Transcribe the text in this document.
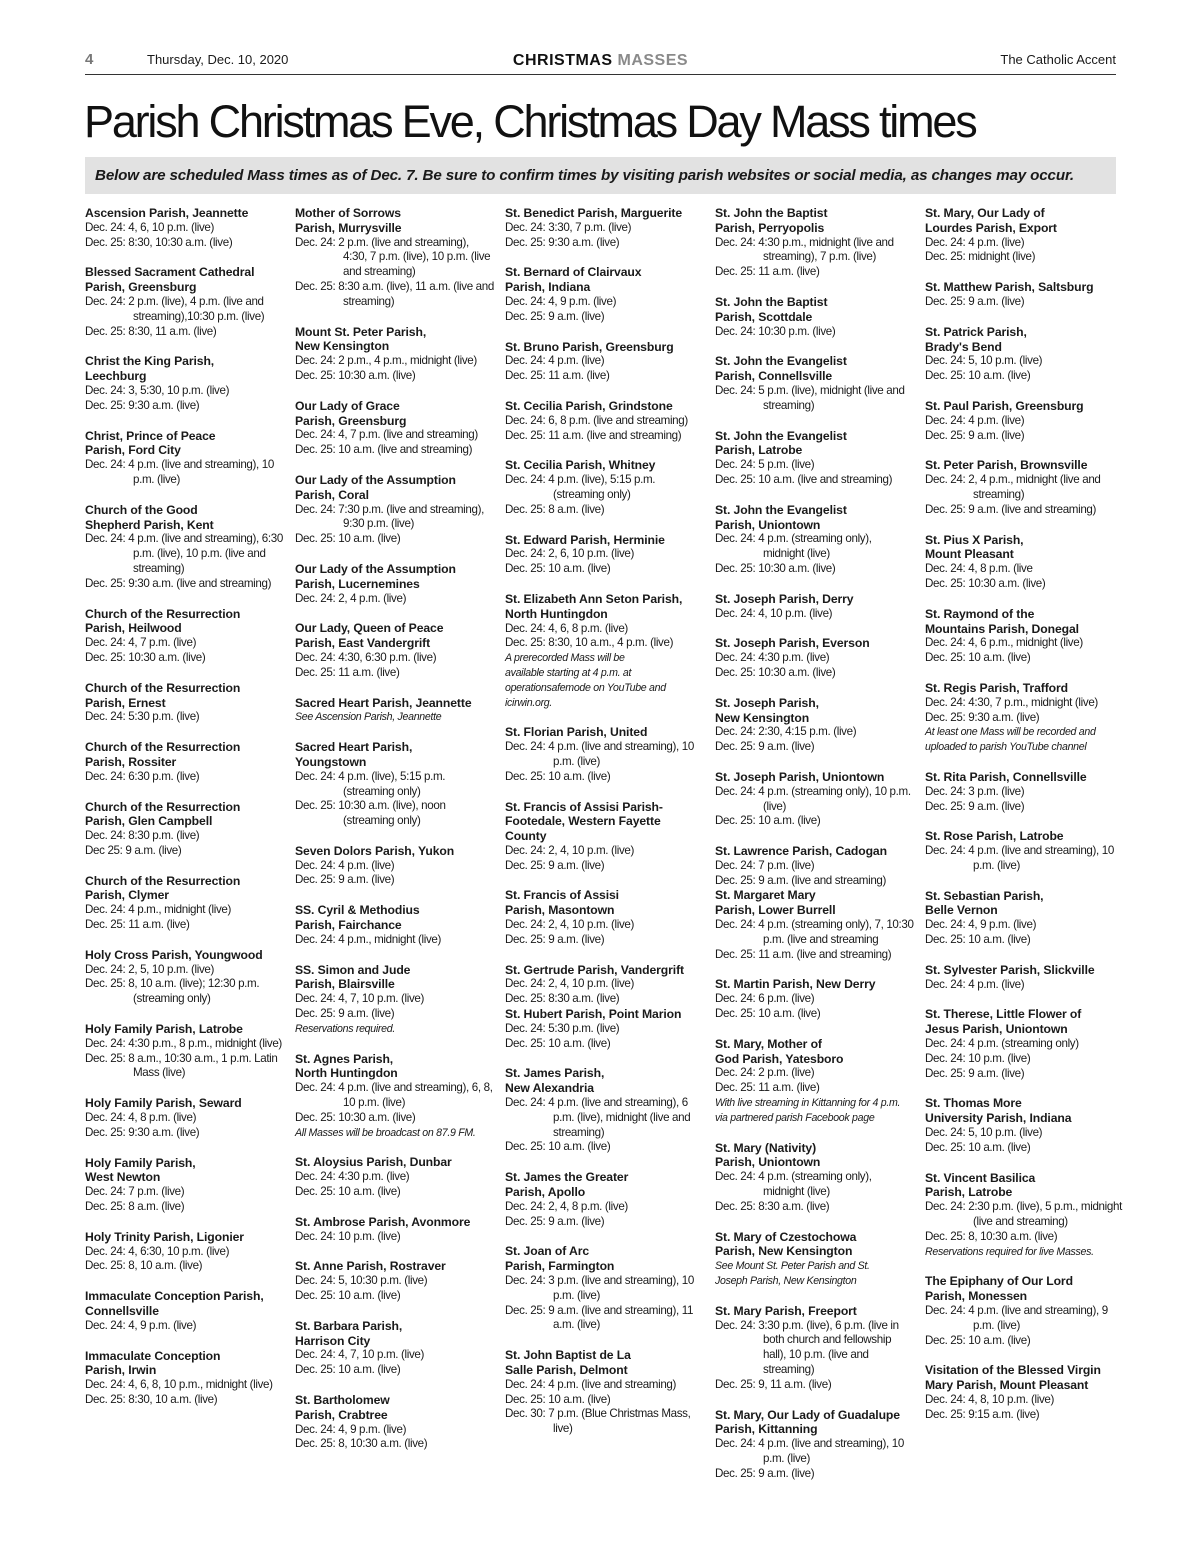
4	Thursday, Dec. 10, 2020	CHRISTMAS MASSES	The Catholic Accent
Parish Christmas Eve, Christmas Day Mass times
Below are scheduled Mass times as of Dec. 7. Be sure to confirm times by visiting parish websites or social media, as changes may occur.
Ascension Parish, Jeannette
Dec. 24: 4, 6, 10 p.m. (live)
Dec. 25: 8:30, 10:30 a.m. (live)
Blessed Sacrament Cathedral
Parish, Greensburg
Dec. 24: 2 p.m. (live), 4 p.m. (live and streaming),10:30 p.m. (live)
Dec. 25: 8:30, 11 a.m. (live)
Christ the King Parish,
Leechburg
Dec. 24: 3, 5:30, 10 p.m. (live)
Dec. 25: 9:30 a.m. (live)
Christ, Prince of Peace
Parish, Ford City
Dec. 24: 4 p.m. (live and streaming), 10 p.m. (live)
Church of the Good
Shepherd Parish, Kent
Dec. 24: 4 p.m. (live and streaming), 6:30 p.m. (live), 10 p.m. (live and streaming)
Dec. 25: 9:30 a.m. (live and streaming)
Church of the Resurrection
Parish, Heilwood
Dec. 24: 4, 7 p.m. (live)
Dec. 25: 10:30 a.m. (live)
Church of the Resurrection
Parish, Ernest
Dec. 24: 5:30 p.m. (live)
Church of the Resurrection
Parish, Rossiter
Dec. 24: 6:30 p.m. (live)
Church of the Resurrection
Parish, Glen Campbell
Dec. 24: 8:30 p.m. (live)
Dec 25: 9 a.m. (live)
Church of the Resurrection
Parish, Clymer
Dec. 24: 4 p.m., midnight (live)
Dec. 25: 11 a.m. (live)
Holy Cross Parish, Youngwood
Dec. 24: 2, 5, 10 p.m. (live)
Dec. 25: 8, 10 a.m. (live); 12:30 p.m. (streaming only)
Holy Family Parish, Latrobe
Dec. 24: 4:30 p.m., 8 p.m., midnight (live)
Dec. 25: 8 a.m., 10:30 a.m., 1 p.m. Latin Mass (live)
Holy Family Parish, Seward
Dec. 24: 4, 8 p.m. (live)
Dec. 25: 9:30 a.m. (live)
Holy Family Parish,
West Newton
Dec. 24: 7 p.m. (live)
Dec. 25: 8 a.m. (live)
Holy Trinity Parish, Ligonier
Dec. 24: 4, 6:30, 10 p.m. (live)
Dec. 25: 8, 10 a.m. (live)
Immaculate Conception Parish,
Connellsville
Dec. 24: 4, 9 p.m. (live)
Immaculate Conception
Parish, Irwin
Dec. 24: 4, 6, 8, 10 p.m., midnight (live)
Dec. 25: 8:30, 10 a.m. (live)
Mother of Sorrows
Parish, Murrysville
Dec. 24: 2 p.m. (live and streaming), 4:30, 7 p.m. (live), 10 p.m. (live and streaming)
Dec. 25: 8:30 a.m. (live), 11 a.m. (live and streaming)
Mount St. Peter Parish,
New Kensington
Dec. 24: 2 p.m., 4 p.m., midnight (live)
Dec. 25: 10:30 a.m. (live)
Our Lady of Grace
Parish, Greensburg
Dec. 24: 4, 7 p.m. (live and streaming)
Dec. 25: 10 a.m. (live and streaming)
Our Lady of the Assumption
Parish, Coral
Dec. 24: 7:30 p.m. (live and streaming), 9:30 p.m. (live)
Dec. 25: 10 a.m. (live)
Our Lady of the Assumption
Parish, Lucernemines
Dec. 24: 2, 4 p.m. (live)
Our Lady, Queen of Peace
Parish, East Vandergrift
Dec. 24: 4:30, 6:30 p.m. (live)
Dec. 25: 11 a.m. (live)
Sacred Heart Parish, Jeannette
See Ascension Parish, Jeannette
Sacred Heart Parish,
Youngstown
Dec. 24: 4 p.m. (live), 5:15 p.m. (streaming only)
Dec. 25: 10:30 a.m. (live), noon (streaming only)
Seven Dolors Parish, Yukon
Dec. 24: 4 p.m. (live)
Dec. 25: 9 a.m. (live)
SS. Cyril & Methodius
Parish, Fairchance
Dec. 24: 4 p.m., midnight (live)
SS. Simon and Jude
Parish, Blairsville
Dec. 24: 4, 7, 10 p.m. (live)
Dec. 25: 9 a.m. (live)
Reservations required.
St. Agnes Parish,
North Huntingdon
Dec. 24: 4 p.m. (live and streaming), 6, 8, 10 p.m. (live)
Dec. 25: 10:30 a.m. (live)
All Masses will be broadcast on 87.9 FM.
St. Aloysius Parish, Dunbar
Dec. 24: 4:30 p.m. (live)
Dec. 25: 10 a.m. (live)
St. Ambrose Parish, Avonmore
Dec. 24: 10 p.m. (live)
St. Anne Parish, Rostraver
Dec. 24: 5, 10:30 p.m. (live)
Dec. 25: 10 a.m. (live)
St. Barbara Parish,
Harrison City
Dec. 24: 4, 7, 10 p.m. (live)
Dec. 25: 10 a.m. (live)
St. Bartholomew
Parish, Crabtree
Dec. 24: 4, 9 p.m. (live)
Dec. 25: 8, 10:30 a.m. (live)
St. Benedict Parish, Marguerite
Dec. 24: 3:30, 7 p.m. (live)
Dec. 25: 9:30 a.m. (live)
St. Bernard of Clairvaux
Parish, Indiana
Dec. 24: 4, 9 p.m. (live)
Dec. 25: 9 a.m. (live)
St. Bruno Parish, Greensburg
Dec. 24: 4 p.m. (live)
Dec. 25: 11 a.m. (live)
St. Cecilia Parish, Grindstone
Dec. 24: 6, 8 p.m. (live and streaming)
Dec. 25: 11 a.m. (live and streaming)
St. Cecilia Parish, Whitney
Dec. 24: 4 p.m. (live), 5:15 p.m. (streaming only)
Dec. 25: 8 a.m. (live)
St. Edward Parish, Herminie
Dec. 24: 2, 6, 10 p.m. (live)
Dec. 25: 10 a.m. (live)
St. Elizabeth Ann Seton Parish,
North Huntingdon
Dec. 24: 4, 6, 8 p.m. (live)
Dec. 25: 8:30, 10 a.m., 4 p.m. (live)
A prerecorded Mass will be
available starting at 4 p.m. at
operationsafemode on YouTube and
icirwin.org.
St. Florian Parish, United
Dec. 24: 4 p.m. (live and streaming), 10 p.m. (live)
Dec. 25: 10 a.m. (live)
St. Francis of Assisi Parish-
Footedale, Western Fayette
County
Dec. 24: 2, 4, 10 p.m. (live)
Dec. 25: 9 a.m. (live)
St. Francis of Assisi
Parish, Masontown
Dec. 24: 2, 4, 10 p.m. (live)
Dec. 25: 9 a.m. (live)
St. Gertrude Parish, Vandergrift
Dec. 24: 2, 4, 10 p.m. (live)
Dec. 25: 8:30 a.m. (live)
St. Hubert Parish, Point Marion
Dec. 24: 5:30 p.m. (live)
Dec. 25: 10 a.m. (live)
St. James Parish,
New Alexandria
Dec. 24: 4 p.m. (live and streaming), 6 p.m. (live), midnight (live and streaming)
Dec. 25: 10 a.m. (live)
St. James the Greater
Parish, Apollo
Dec. 24: 2, 4, 8 p.m. (live)
Dec. 25: 9 a.m. (live)
St. Joan of Arc
Parish, Farmington
Dec. 24: 3 p.m. (live and streaming), 10 p.m. (live)
Dec. 25: 9 a.m. (live and streaming), 11 a.m. (live)
St. John Baptist de La
Salle Parish, Delmont
Dec. 24: 4 p.m. (live and streaming)
Dec. 25: 10 a.m. (live)
Dec. 30: 7 p.m. (Blue Christmas Mass, live)
St. John the Baptist
Parish, Perryopolis
Dec. 24: 4:30 p.m., midnight (live and streaming), 7 p.m. (live)
Dec. 25: 11 a.m. (live)
St. John the Baptist
Parish, Scottdale
Dec. 24: 10:30 p.m. (live)
St. John the Evangelist
Parish, Connellsville
Dec. 24: 5 p.m. (live), midnight (live and streaming)
St. John the Evangelist
Parish, Latrobe
Dec. 24: 5 p.m. (live)
Dec. 25: 10 a.m. (live and streaming)
St. John the Evangelist
Parish, Uniontown
Dec. 24: 4 p.m. (streaming only), midnight (live)
Dec. 25: 10:30 a.m. (live)
St. Joseph Parish, Derry
Dec. 24: 4, 10 p.m. (live)
St. Joseph Parish, Everson
Dec. 24: 4:30 p.m. (live)
Dec. 25: 10:30 a.m. (live)
St. Joseph Parish,
New Kensington
Dec. 24: 2:30, 4:15 p.m. (live)
Dec. 25: 9 a.m. (live)
St. Joseph Parish, Uniontown
Dec. 24: 4 p.m. (streaming only), 10 p.m. (live)
Dec. 25: 10 a.m. (live)
St. Lawrence Parish, Cadogan
Dec. 24: 7 p.m. (live)
Dec. 25: 9 a.m. (live and streaming)
St. Margaret Mary
Parish, Lower Burrell
Dec. 24: 4 p.m. (streaming only), 7, 10:30 p.m. (live and streaming
Dec. 25: 11 a.m. (live and streaming)
St. Martin Parish, New Derry
Dec. 24: 6 p.m. (live)
Dec. 25: 10 a.m. (live)
St. Mary, Mother of
God Parish, Yatesboro
Dec. 24: 2 p.m. (live)
Dec. 25: 11 a.m. (live)
With live streaming in Kittanning for 4 p.m.
via partnered parish Facebook page
St. Mary (Nativity)
Parish, Uniontown
Dec. 24: 4 p.m. (streaming only), midnight (live)
Dec. 25: 8:30 a.m. (live)
St. Mary of Czestochowa
Parish, New Kensington
See Mount St. Peter Parish and St.
Joseph Parish, New Kensington
St. Mary Parish, Freeport
Dec. 24: 3:30 p.m. (live), 6 p.m. (live in both church and fellowship hall), 10 p.m. (live and streaming)
Dec. 25: 9, 11 a.m. (live)
St. Mary, Our Lady of Guadalupe
Parish, Kittanning
Dec. 24: 4 p.m. (live and streaming), 10 p.m. (live)
Dec. 25: 9 a.m. (live)
St. Mary, Our Lady of
Lourdes Parish, Export
Dec. 24: 4 p.m. (live)
Dec. 25: midnight (live)
St. Matthew Parish, Saltsburg
Dec. 25: 9 a.m. (live)
St. Patrick Parish,
Brady's Bend
Dec. 24: 5, 10 p.m. (live)
Dec. 25: 10 a.m. (live)
St. Paul Parish, Greensburg
Dec. 24: 4 p.m. (live)
Dec. 25: 9 a.m. (live)
St. Peter Parish, Brownsville
Dec. 24: 2, 4 p.m., midnight (live and streaming)
Dec. 25: 9 a.m. (live and streaming)
St. Pius X Parish,
Mount Pleasant
Dec. 24: 4, 8 p.m. (live
Dec. 25: 10:30 a.m. (live)
St. Raymond of the
Mountains Parish, Donegal
Dec. 24: 4, 6 p.m., midnight (live)
Dec. 25: 10 a.m. (live)
St. Regis Parish, Trafford
Dec. 24: 4:30, 7 p.m., midnight (live)
Dec. 25: 9:30 a.m. (live)
At least one Mass will be recorded and
uploaded to parish YouTube channel
St. Rita Parish, Connellsville
Dec. 24: 3 p.m. (live)
Dec. 25: 9 a.m. (live)
St. Rose Parish, Latrobe
Dec. 24: 4 p.m. (live and streaming), 10 p.m. (live)
St. Sebastian Parish,
Belle Vernon
Dec. 24: 4, 9 p.m. (live)
Dec. 25: 10 a.m. (live)
St. Sylvester Parish, Slickville
Dec. 24: 4 p.m. (live)
St. Therese, Little Flower of
Jesus Parish, Uniontown
Dec. 24: 4 p.m. (streaming only)
Dec. 24: 10 p.m. (live)
Dec. 25: 9 a.m. (live)
St. Thomas More
University Parish, Indiana
Dec. 24: 5, 10 p.m. (live)
Dec. 25: 10 a.m. (live)
St. Vincent Basilica
Parish, Latrobe
Dec. 24: 2:30 p.m. (live), 5 p.m., midnight (live and streaming)
Dec. 25: 8, 10:30 a.m. (live)
Reservations required for live Masses.
The Epiphany of Our Lord
Parish, Monessen
Dec. 24: 4 p.m. (live and streaming), 9 p.m. (live)
Dec. 25: 10 a.m. (live)
Visitation of the Blessed Virgin
Mary Parish, Mount Pleasant
Dec. 24: 4, 8, 10 p.m. (live)
Dec. 25: 9:15 a.m. (live)
